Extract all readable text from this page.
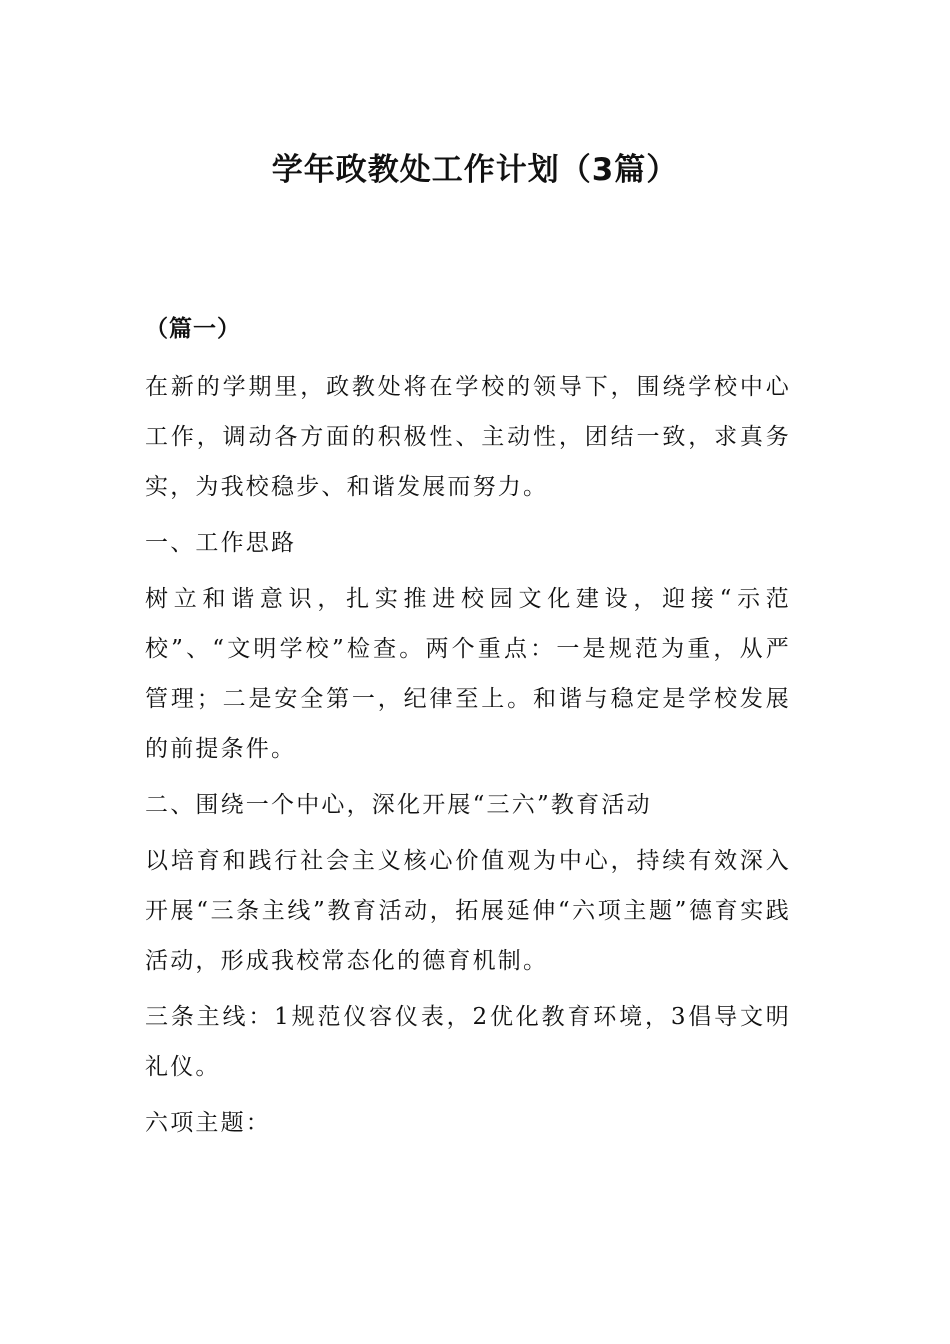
学年政教处工作计划（3篇）

（篇一）

在新的学期里，政教处将在学校的领导下，围绕学校中心工作，调动各方面的积极性、主动性，团结一致，求真务实，为我校稳步、和谐发展而努力。

一、工作思路

树立和谐意识，扎实推进校园文化建设，迎接“示范校”、“文明学校”检查。两个重点：一是规范为重，从严管理；二是安全第一，纪律至上。和谐与稳定是学校发展的前提条件。

二、围绕一个中心，深化开展“三六”教育活动

以培育和践行社会主义核心价值观为中心，持续有效深入开展“三条主线”教育活动，拓展延伸“六项主题”德育实践活动，形成我校常态化的德育机制。

三条主线：1规范仪容仪表，2优化教育环境，3倡导文明礼仪。

六项主题：
